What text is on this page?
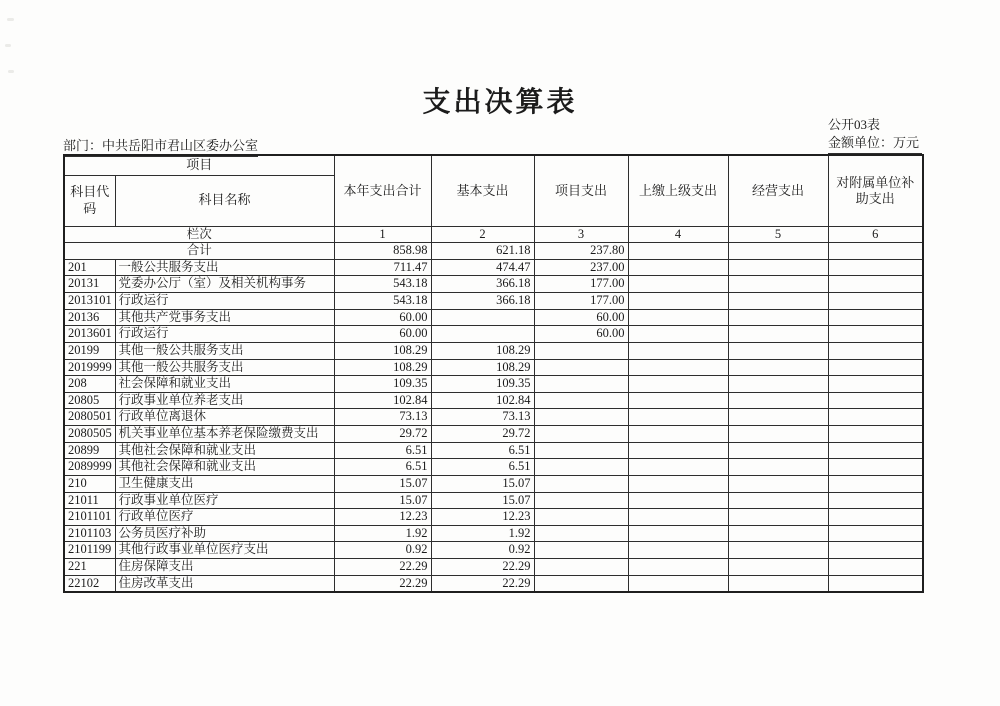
支出决算表
公开03表
金额单位：万元
部门：中共岳阳市君山区委办公室
项目		本年支出合计	基本支出	项目支出	上缴上级支出	经营支出	对附属单位补助支出
科目代码	科目名称						
栏次		1	2	3	4	5	6
合计		858.98	621.18	237.80			
201	一般公共服务支出	711.47	474.47	237.00			
20131	党委办公厅（室）及相关机构事务	543.18	366.18	177.00			
2013101	行政运行	543.18	366.18	177.00			
20136	其他共产党事务支出	60.00		60.00			
2013601	行政运行	60.00		60.00			
20199	其他一般公共服务支出	108.29	108.29				
2019999	其他一般公共服务支出	108.29	108.29				
208	社会保障和就业支出	109.35	109.35				
20805	行政事业单位养老支出	102.84	102.84				
2080501	行政单位离退休	73.13	73.13				
2080505	机关事业单位基本养老保险缴费支出	29.72	29.72				
20899	其他社会保障和就业支出	6.51	6.51				
2089999	其他社会保障和就业支出	6.51	6.51				
210	卫生健康支出	15.07	15.07				
21011	行政事业单位医疗	15.07	15.07				
2101101	行政单位医疗	12.23	12.23				
2101103	公务员医疗补助	1.92	1.92				
2101199	其他行政事业单位医疗支出	0.92	0.92				
221	住房保障支出	22.29	22.29				
22102	住房改革支出	22.29	22.29				
